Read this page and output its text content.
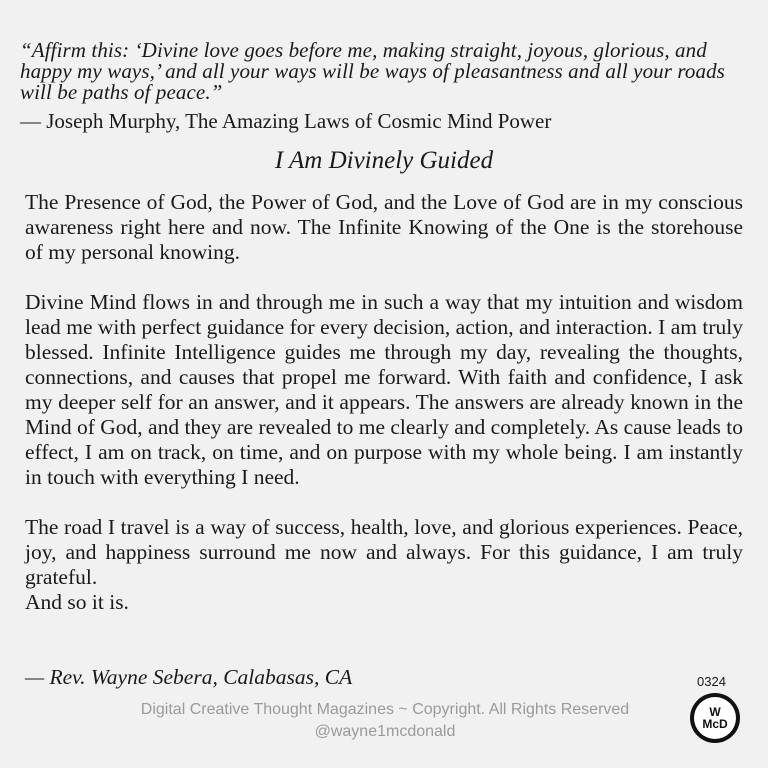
“Affirm this: ‘Divine love goes before me, making straight, joyous, glorious, and happy my ways,’ and all your ways will be ways of pleasantness and all your roads will be paths of peace.”
— Joseph Murphy, The Amazing Laws of Cosmic Mind Power
I Am Divinely Guided

The Presence of God, the Power of God, and the Love of God are in my conscious awareness right here and now. The Infinite Knowing of the One is the storehouse of my personal knowing.

Divine Mind flows in and through me in such a way that my intuition and wisdom lead me with perfect guidance for every decision, action, and interaction. I am truly blessed. Infinite Intelligence guides me through my day, revealing the thoughts, connections, and causes that propel me forward. With faith and confidence, I ask my deeper self for an answer, and it appears. The answers are already known in the Mind of God, and they are revealed to me clearly and completely. As cause leads to effect, I am on track, on time, and on purpose with my whole being. I am instantly in touch with everything I need.

The road I travel is a way of success, health, love, and glorious experiences. Peace, joy, and happiness surround me now and always. For this guidance, I am truly grateful.

And so it is.

— Rev. Wayne Sebera, Calabasas, CA	0324
Digital Creative Thought Magazines ~ Copyright. All Rights Reserved
@wayne1mcdonald
W
McD
